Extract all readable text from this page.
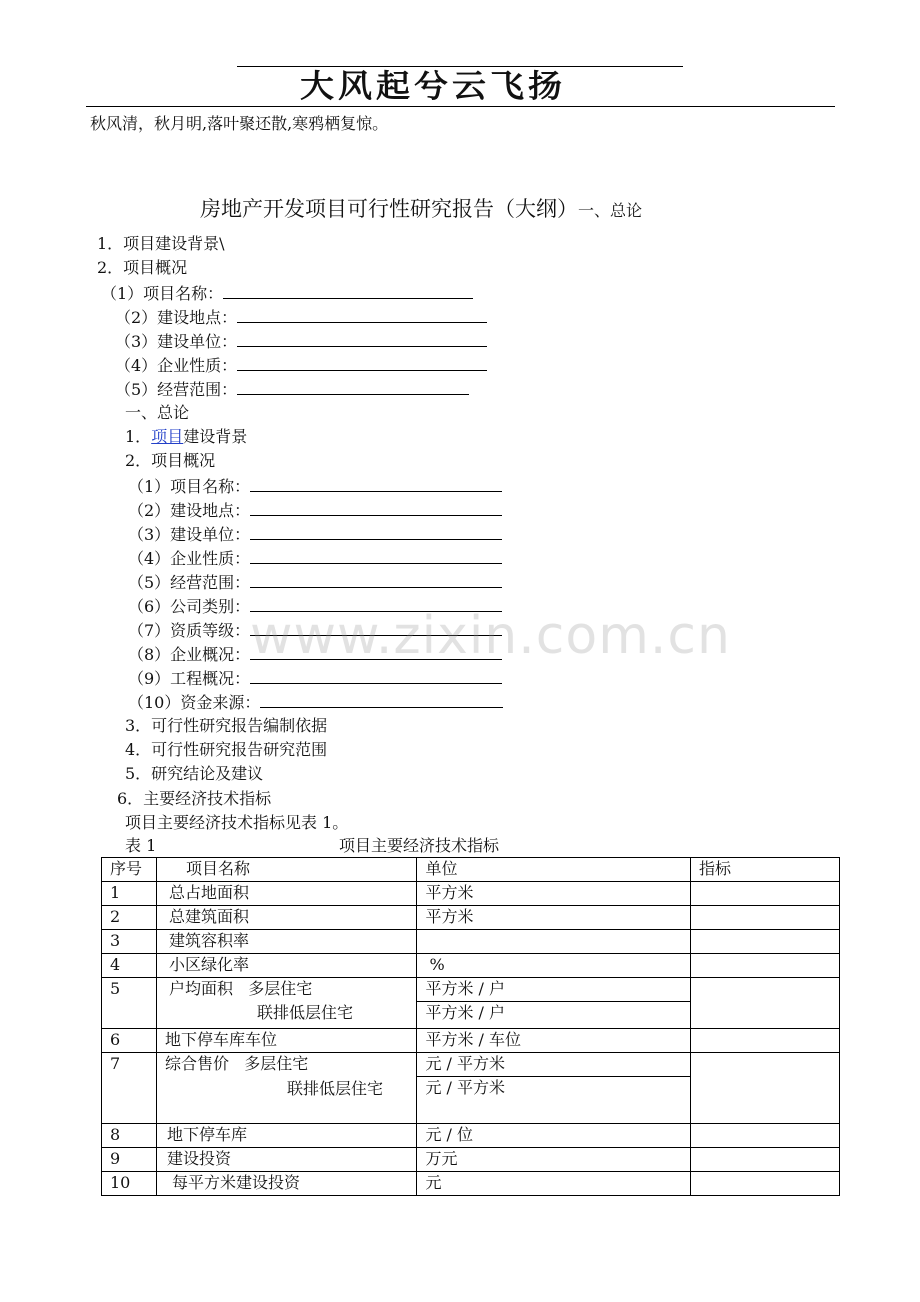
大风起兮云飞扬
秋风清，秋月明,落叶聚还散,寒鸦栖复惊。
房地产开发项目可行性研究报告（大纲）一、总论
1．项目建设背景\
2．项目概况
（1）项目名称：
（2）建设地点：
（3）建设单位：
（4）企业性质：
（5）经营范围：
一、总论
1．项目建设背景
2．项目概况
（1）项目名称：
（2）建设地点：
（3）建设单位：
（4）企业性质：
（5）经营范围：
（6）公司类别：
（7）资质等级：
（8）企业概况：
（9）工程概况：
（10）资金来源：
3．可行性研究报告编制依据
4．可行性研究报告研究范围
5．研究结论及建议
6．主要经济技术指标
项目主要经济技术指标见表 1。
www.zixin.com.cn
表 1	项目主要经济技术指标
序号	项目名称	单位	指标
1	总占地面积	平方米	
2	总建筑面积	平方米	
3	建筑容积率		
4	小区绿化率	%	
5	户均面积   多层住宅	平方米 / 户	
	联排低层住宅	平方米 / 户	
6	地下停车库车位	平方米 / 车位	
7	综合售价   多层住宅	元 / 平方米	

	联排低层住宅	元 / 平方米	
8	地下停车库	元 / 位	
9	建设投资	万元	
10	每平方米建设投资	元	
